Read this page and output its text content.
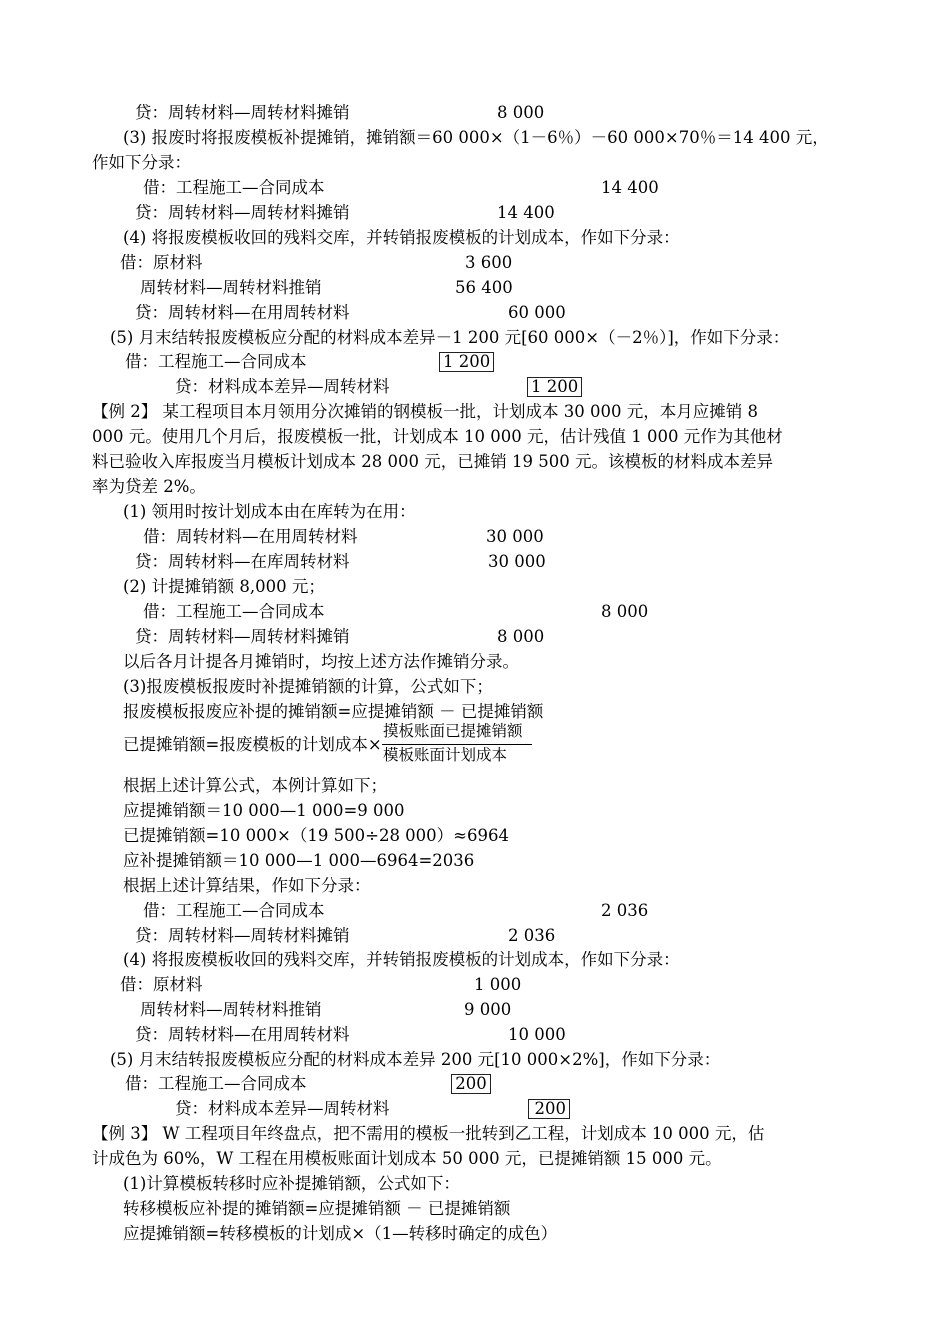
贷：周转材料—周转材料摊销	8 000
(3) 报废时将报废模板补提摊销，摊销额＝60 000×（1－6％）－60 000×70％＝14 400 元，
作如下分录：
借：工程施工—合同成本	14 400
贷：周转材料—周转材料摊销	14 400
(4) 将报废模板收回的残料交库，并转销报废模板的计划成本，作如下分录：
借：原材料	3 600
周转材料—周转材料推销	56 400
贷：周转材料—在用周转材料	60 000
(5) 月末结转报废模板应分配的材料成本差异－1 200 元[60 000×（－2％）]，作如下分录：
借：工程施工—合同成本	1 200
贷：材料成本差异—周转材料	1 200
【例 2】 某工程项目本月领用分次摊销的钢模板一批，计划成本 30 000 元，本月应摊销 8
000 元。使用几个月后，报废模板一批，计划成本 10 000 元，估计残值 1 000 元作为其他材
料已验收入库报废当月模板计划成本 28 000 元，已摊销 19 500 元。该模板的材料成本差异
率为贷差 2%。
(1) 领用时按计划成本由在库转为在用：
借：周转材料—在用周转材料	30 000
贷：周转材料—在库周转材料	30 000
(2) 计提摊销额 8,000 元；
借：工程施工—合同成本	8 000
贷：周转材料—周转材料摊销	8 000
以后各月计提各月摊销时，均按上述方法作摊销分录。
(3)报废模板报废时补提摊销额的计算，公式如下；
报废模板报废应补提的摊销额=应提摊销额 － 已提摊销额
已提摊销额=报废模板的计划成本×
摸板账面已提摊销额
模板账面计划成本
根据上述计算公式，本例计算如下；
应提摊销额＝10 000—1 000=9 000
已提摊销额=10 000×（19 500÷28 000）≈6964
应补提摊销额＝10 000—1 000—6964=2036
根据上述计算结果，作如下分录：
借：工程施工—合同成本	2 036
贷：周转材料—周转材料摊销	2 036
(4) 将报废模板收回的残料交库，并转销报废模板的计划成本，作如下分录：
借：原材料	1 000
周转材料—周转材料推销	9 000
贷：周转材料—在用周转材料	10 000
(5) 月末结转报废模板应分配的材料成本差异 200 元[10 000×2%]，作如下分录：
借：工程施工—合同成本	200
贷：材料成本差异—周转材料	200
【例 3】 W 工程项目年终盘点，把不需用的模板一批转到乙工程，计划成本 10 000 元，估
计成色为 60%，W 工程在用模板账面计划成本 50 000 元，已提摊销额 15 000 元。
(1)计算模板转移时应补提摊销额，公式如下：
转移模板应补提的摊销额=应提摊销额 － 已提摊销额
应提摊销额=转移模板的计划成×（1—转移时确定的成色）
